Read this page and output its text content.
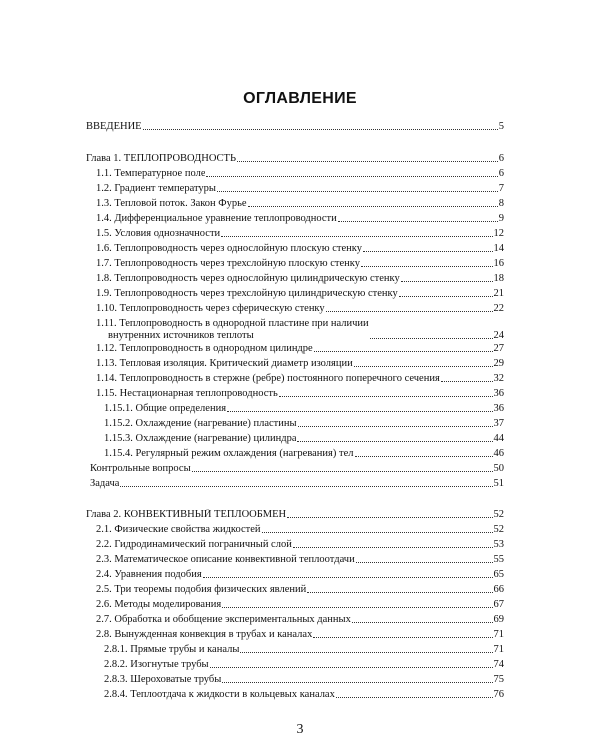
ОГЛАВЛЕНИЕ
ВВЕДЕНИЕ	5
Глава 1. ТЕПЛОПРОВОДНОСТЬ	6
1.1. Температурное поле	6
1.2. Градиент температуры	7
1.3. Тепловой поток. Закон Фурье	8
1.4. Дифференциальное уравнение теплопроводности	9
1.5. Условия однозначности	12
1.6. Теплопроводность через однослойную плоскую стенку	14
1.7. Теплопроводность через трехслойную плоскую стенку	16
1.8. Теплопроводность через однослойную цилиндрическую стенку	18
1.9. Теплопроводность через трехслойную цилиндрическую стенку	21
1.10. Теплопроводность через сферическую стенку	22
1.11. Теплопроводность в однородной пластине при наличии
внутренних источников теплоты	24
1.12. Теплопроводность в однородном цилиндре	27
1.13. Тепловая изоляция. Критический диаметр изоляции	29
1.14. Теплопроводность в стержне (ребре) постоянного поперечного сечения	32
1.15. Нестационарная теплопроводность	36
1.15.1. Общие определения	36
1.15.2. Охлаждение (нагревание) пластины	37
1.15.3. Охлаждение (нагревание) цилиндра	44
1.15.4. Регулярный режим охлаждения (нагревания) тел	46
Контрольные вопросы	50
Задача	51
Глава 2. КОНВЕКТИВНЫЙ ТЕПЛООБМЕН	52
2.1. Физические свойства жидкостей	52
2.2. Гидродинамический пограничный слой	53
2.3. Математическое описание конвективной теплоотдачи	55
2.4. Уравнения подобия	65
2.5. Три теоремы подобия физических явлений	66
2.6. Методы моделирования	67
2.7. Обработка и обобщение экспериментальных данных	69
2.8. Вынужденная конвекция в трубах и каналах	71
2.8.1. Прямые трубы и каналы	71
2.8.2. Изогнутые трубы	74
2.8.3. Шероховатые трубы	75
2.8.4. Теплоотдача к жидкости в кольцевых каналах	76
3
